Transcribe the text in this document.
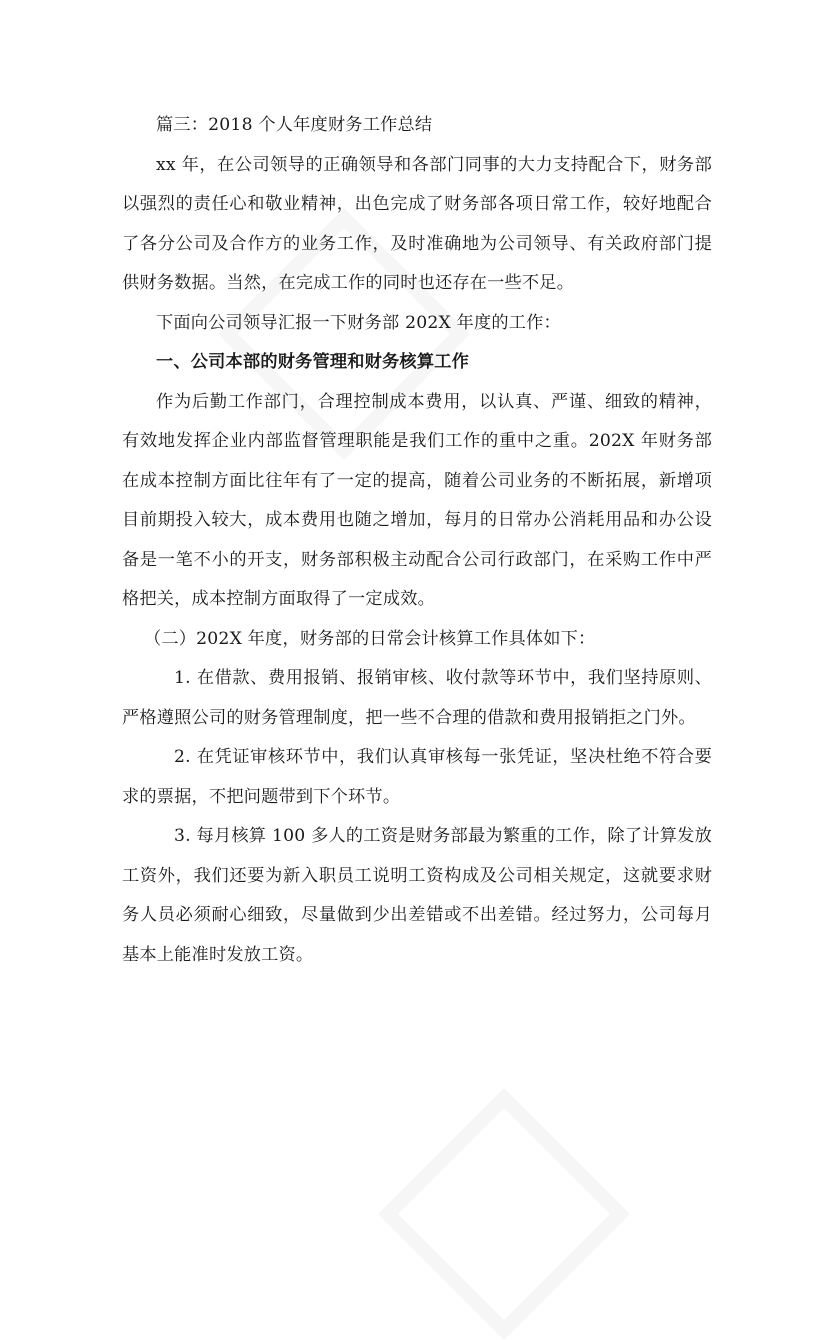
篇三：2018 个人年度财务工作总结

xx 年，在公司领导的正确领导和各部门同事的大力支持配合下，财务部以强烈的责任心和敬业精神，出色完成了财务部各项日常工作，较好地配合了各分公司及合作方的业务工作，及时准确地为公司领导、有关政府部门提供财务数据。当然，在完成工作的同时也还存在一些不足。

下面向公司领导汇报一下财务部 202X 年度的工作：

一、公司本部的财务管理和财务核算工作

作为后勤工作部门，合理控制成本费用，以认真、严谨、细致的精神，有效地发挥企业内部监督管理职能是我们工作的重中之重。202X 年财务部在成本控制方面比往年有了一定的提高，随着公司业务的不断拓展，新增项目前期投入较大，成本费用也随之增加，每月的日常办公消耗用品和办公设备是一笔不小的开支，财务部积极主动配合公司行政部门，在采购工作中严格把关，成本控制方面取得了一定成效。

（二）202X 年度，财务部的日常会计核算工作具体如下：

1. 在借款、费用报销、报销审核、收付款等环节中，我们坚持原则、严格遵照公司的财务管理制度，把一些不合理的借款和费用报销拒之门外。

2. 在凭证审核环节中，我们认真审核每一张凭证，坚决杜绝不符合要求的票据，不把问题带到下个环节。

3. 每月核算 100 多人的工资是财务部最为繁重的工作，除了计算发放工资外，我们还要为新入职员工说明工资构成及公司相关规定，这就要求财务人员必须耐心细致，尽量做到少出差错或不出差错。经过努力，公司每月基本上能准时发放工资。
